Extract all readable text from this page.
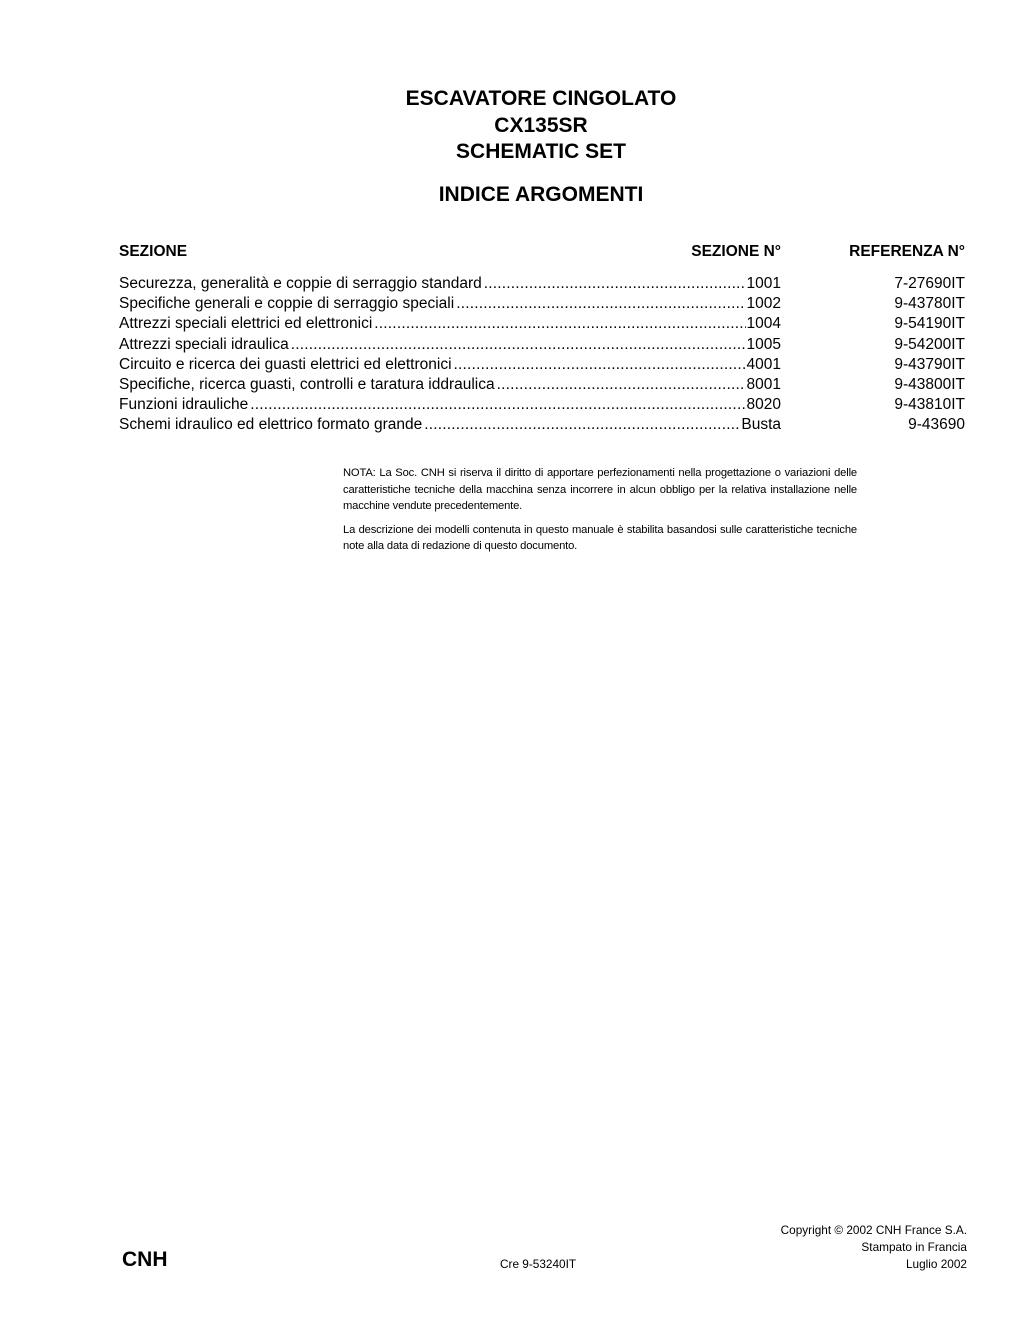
ESCAVATORE CINGOLATO
CX135SR
SCHEMATIC SET
INDICE ARGOMENTI
SEZIONE	SEZIONE N°	REFERENZA N°
Securezza, generalità e coppie di serraggio standard .....	1001	7-27690IT
Specifiche generali e coppie di serraggio speciali .....	1002	9-43780IT
Attrezzi speciali elettrici ed elettronici .....	1004	9-54190IT
Attrezzi speciali idraulica .....	1005	9-54200IT
Circuito e ricerca dei guasti elettrici ed elettronici .....	4001	9-43790IT
Specifiche, ricerca guasti, controlli e taratura iddraulica .....	8001	9-43800IT
Funzioni idrauliche .....	8020	9-43810IT
Schemi idraulico ed elettrico formato grande .....	Busta	9-43690

NOTA: La Soc. CNH si riserva il diritto di apportare perfezionamenti nella progettazione o variazioni delle caratteristiche tecniche della macchina senza incorrere in alcun obbligo per la relativa installazione nelle macchine vendute precedentemente.

La descrizione dei modelli contenuta in questo manuale è stabilita basandosi sulle caratteristiche tecniche note alla data di redazione di questo documento.

CNH	Cre 9-53240IT
Copyright © 2002 CNH France S.A.
Stampato in Francia
Luglio 2002
